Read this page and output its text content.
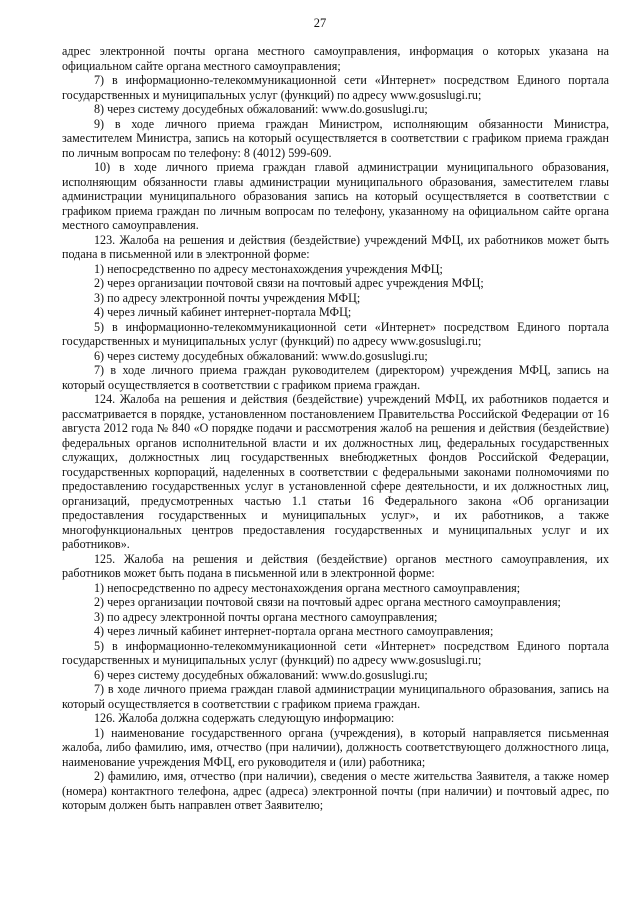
27

адрес электронной почты органа местного самоуправления, информация о которых указана на официальном сайте органа местного самоуправления;

7) в информационно-телекоммуникационной сети «Интернет» посредством Единого портала государственных и муниципальных услуг (функций) по адресу www.gosuslugi.ru;

8) через систему досудебных обжалований: www.do.gosuslugi.ru;

9) в ходе личного приема граждан Министром, исполняющим обязанности Министра, заместителем Министра, запись на который осуществляется в соответствии с графиком приема граждан по личным вопросам по телефону: 8 (4012) 599-609.

10) в ходе личного приема граждан главой администрации муниципального образования, исполняющим обязанности главы администрации муниципального образования, заместителем главы администрации муниципального образования запись на который осуществляется в соответствии с графиком приема граждан по личным вопросам по телефону, указанному на официальном сайте органа местного самоуправления.

123. Жалоба на решения и действия (бездействие) учреждений МФЦ, их работников может быть подана в письменной или в электронной форме:

1) непосредственно по адресу местонахождения учреждения МФЦ;

2) через организации почтовой связи на почтовый адрес учреждения МФЦ;

3) по адресу электронной почты учреждения МФЦ;

4) через личный кабинет интернет-портала МФЦ;

5) в информационно-телекоммуникационной сети «Интернет» посредством Единого портала государственных и муниципальных услуг (функций) по адресу www.gosuslugi.ru;

6) через систему досудебных обжалований: www.do.gosuslugi.ru;

7) в ходе личного приема граждан руководителем (директором) учреждения МФЦ, запись на который осуществляется в соответствии с графиком приема граждан.

124. Жалоба на решения и действия (бездействие) учреждений МФЦ, их работников подается и рассматривается в порядке, установленном постановлением Правительства Российской Федерации от 16 августа 2012 года № 840 «О порядке подачи и рассмотрения жалоб на решения и действия (бездействие) федеральных органов исполнительной власти и их должностных лиц, федеральных государственных служащих, должностных лиц государственных внебюджетных фондов Российской Федерации, государственных корпораций, наделенных в соответствии с федеральными законами полномочиями по предоставлению государственных услуг в установленной сфере деятельности, и их должностных лиц, организаций, предусмотренных частью 1.1 статьи 16 Федерального закона «Об организации предоставления государственных и муниципальных услуг», и их работников, а также многофункциональных центров предоставления государственных и муниципальных услуг и их работников».

125. Жалоба на решения и действия (бездействие) органов местного самоуправления, их работников может быть подана в письменной или в электронной форме:

1) непосредственно по адресу местонахождения органа местного самоуправления;

2) через организации почтовой связи на почтовый адрес органа местного самоуправления;

3) по адресу электронной почты органа местного самоуправления;

4) через личный кабинет интернет-портала органа местного самоуправления;

5) в информационно-телекоммуникационной сети «Интернет» посредством Единого портала государственных и муниципальных услуг (функций) по адресу www.gosuslugi.ru;

6) через систему досудебных обжалований: www.do.gosuslugi.ru;

7) в ходе личного приема граждан главой администрации муниципального образования, запись на который осуществляется в соответствии с графиком приема граждан.

126. Жалоба должна содержать следующую информацию:

1) наименование государственного органа (учреждения), в который направляется письменная жалоба, либо фамилию, имя, отчество (при наличии), должность соответствующего должностного лица, наименование учреждения МФЦ, его руководителя и (или) работника;

2) фамилию, имя, отчество (при наличии), сведения о месте жительства Заявителя, а также номер (номера) контактного телефона, адрес (адреса) электронной почты (при наличии) и почтовый адрес, по которым должен быть направлен ответ Заявителю;
